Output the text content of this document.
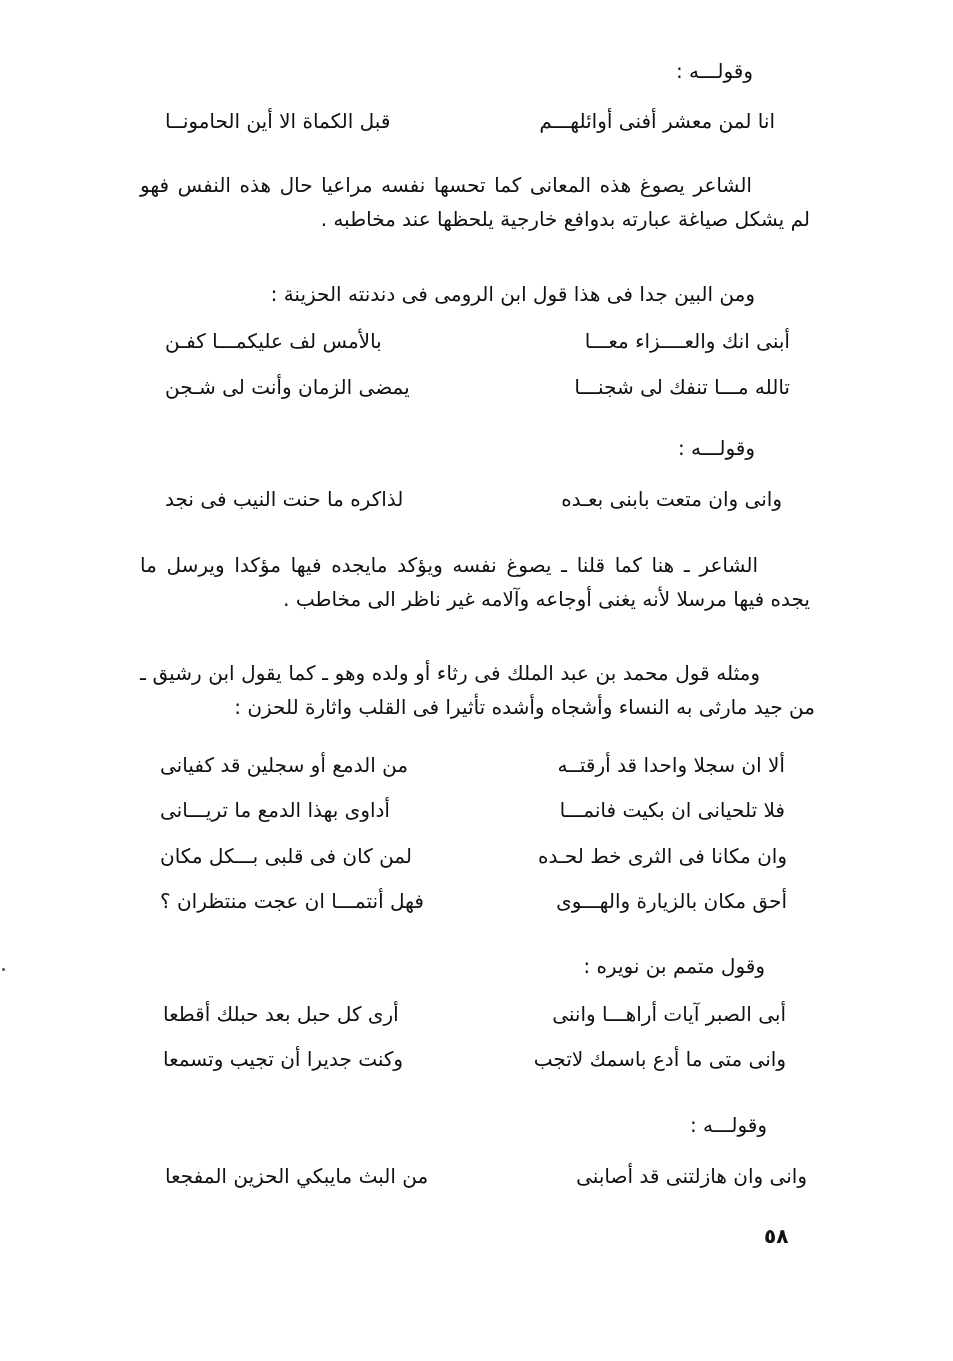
وقولـــه :
انا لمن معشر أفنى أوائلهـــم
قبل الكماة الا أين الحامونــا
الشاعر يصوغ هذه المعانى كما تحسها نفسه مراعيا حال هذه النفس فهو لم يشكل صياغة عبارته بدوافع خارجية يلحظها عند مخاطبه .
ومن البين جدا فى هذا قول ابن الرومى فى دندنته الحزينة :
أبنى انك والعــــزاء معـــا
بالأمس لف عليكمـــا كفـن
تالله مـــا تنفك لى شجنـــا
يمضى الزمان وأنت لى شـجن
وقولـــه :
وانى وان متعت بابنى بعـده
لذاكره ما حنت النيب فى نجد
الشاعر ـ هنا كما قلنا ـ يصوغ نفسه ويؤكد مايجده فيها مؤكدا ويرسل ما يجده فيها مرسلا لأنه يغنى أوجاعه وآلامه غير ناظر الى مخاطب .
ومثله قول محمد بن عبد الملك فى رثاء أو ولده وهو ـ كما يقول ابن رشيق ـ من جيد مارثى به النساء وأشجاه وأشده تأثيرا فى القلب واثارة للحزن :
ألا ان سجلا واحدا قد أرقتــه
من الدمع أو سجلين قد كفيانى
فلا تلحيانى ان بكيت فانمـــا
أداوى بهذا الدمع ما تريـــانى
وان مكانا فى الثرى خط لحـده
لمن كان فى قلبى بـــكل مكان
أحق مكان بالزيارة والهـــوى
فهل أنتمـــا ان عجت منتظران ؟
وقول متمم بن نويره :
أبى الصبر آيات أراهـــا واننى
أرى كل حبل بعد حبلك أقطعا
وانى متى ما أدع باسمك لاتجب
وكنت جديرا أن تجيب وتسمعا
وقولـــه :
وانى وان هازلتنى قد أصابنى
من البث مايبكي الحزين المفجعا
٥٨
